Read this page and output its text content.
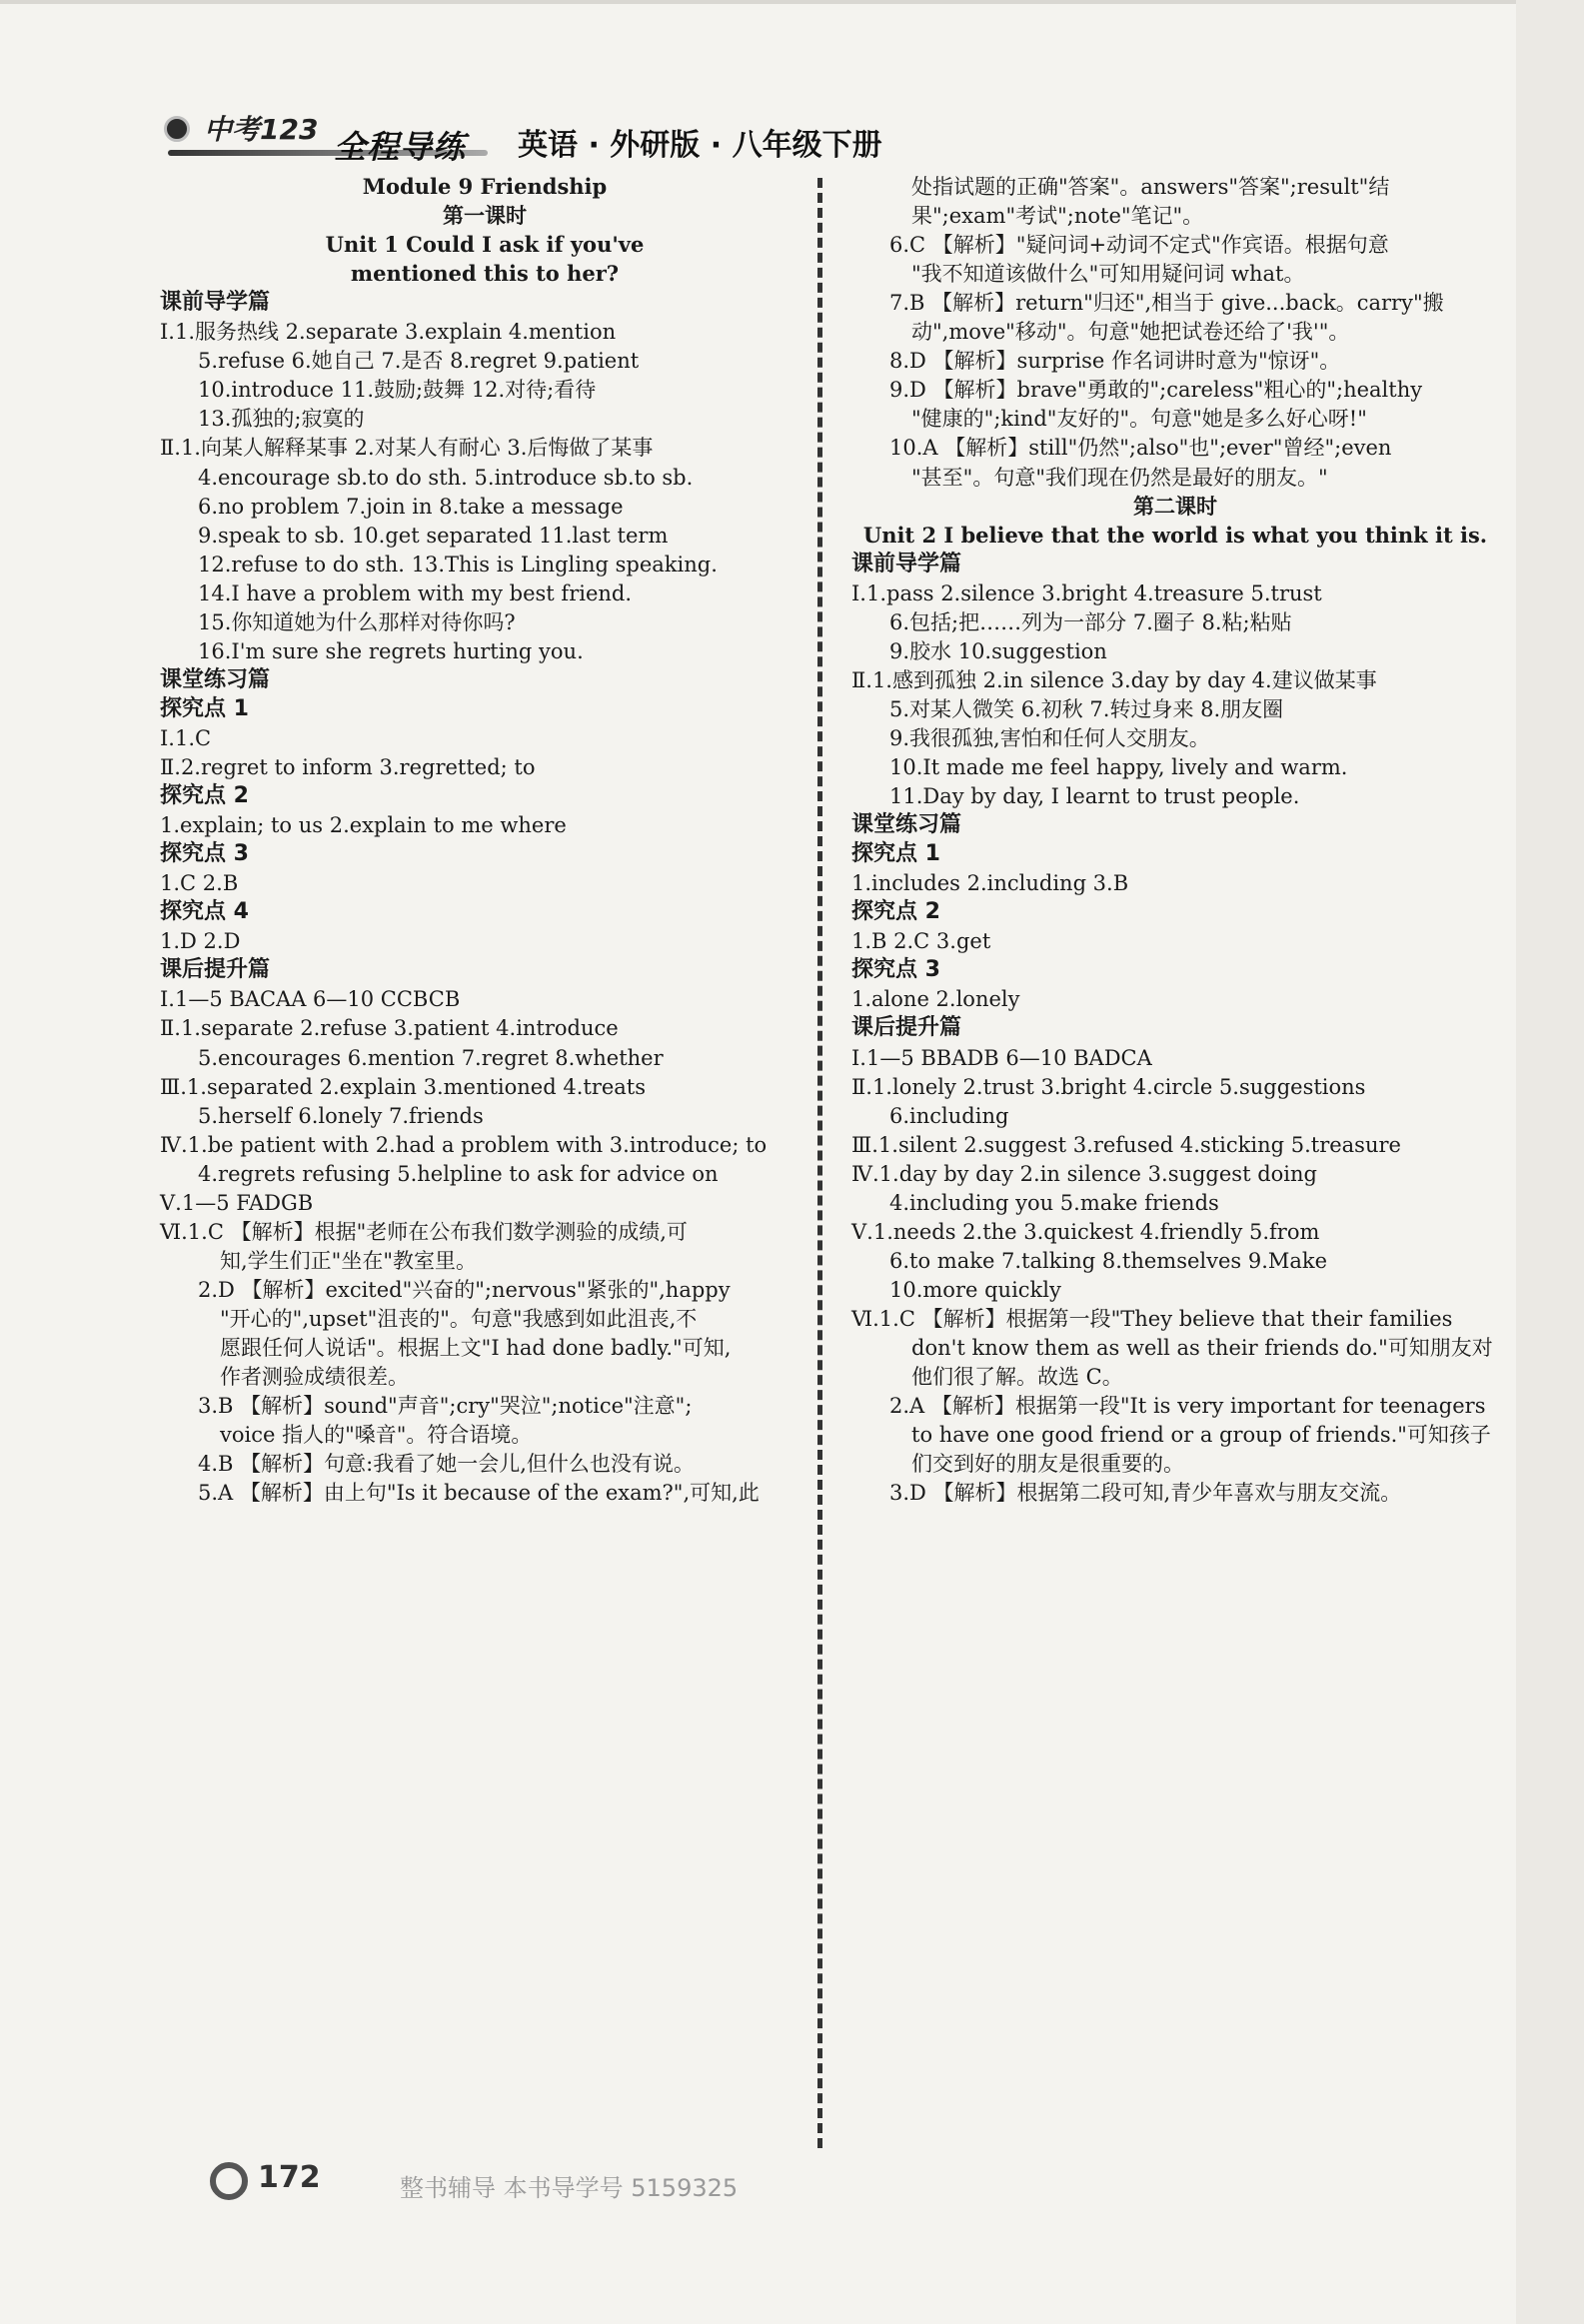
中考123 全程导练 英语 · 外研版 · 八年级下册
Module 9 Friendship
第一课时
Unit 1 Could I ask if you've
mentioned this to her?
课前导学篇
Ⅰ.1.服务热线 2.separate 3.explain 4.mention
5.refuse 6.她自己 7.是否 8.regret 9.patient
10.introduce 11.鼓励;鼓舞 12.对待;看待
13.孤独的;寂寞的
Ⅱ.1.向某人解释某事 2.对某人有耐心 3.后悔做了某事
4.encourage sb.to do sth. 5.introduce sb.to sb.
6.no problem 7.join in 8.take a message
9.speak to sb. 10.get separated 11.last term
12.refuse to do sth. 13.This is Lingling speaking.
14.I have a problem with my best friend.
15.你知道她为什么那样对待你吗?
16.I'm sure she regrets hurting you.
课堂练习篇
探究点 1
Ⅰ.1.C
Ⅱ.2.regret to inform 3.regretted; to
探究点 2
1.explain; to us 2.explain to me where
探究点 3
1.C 2.B
探究点 4
1.D 2.D
课后提升篇
Ⅰ.1—5 BACAA 6—10 CCBCB
Ⅱ.1.separate 2.refuse 3.patient 4.introduce
5.encourages 6.mention 7.regret 8.whether
Ⅲ.1.separated 2.explain 3.mentioned 4.treats
5.herself 6.lonely 7.friends
Ⅳ.1.be patient with 2.had a problem with 3.introduce; to
4.regrets refusing 5.helpline to ask for advice on
Ⅴ.1—5 FADGB
Ⅵ.1.C 【解析】根据"老师在公布我们数学测验的成绩,可
知,学生们正"坐在"教室里。
2.D 【解析】excited"兴奋的";nervous"紧张的",happy
"开心的",upset"沮丧的"。句意"我感到如此沮丧,不
愿跟任何人说话"。根据上文"I had done badly."可知,
作者测验成绩很差。
3.B 【解析】sound"声音";cry"哭泣";notice"注意";
voice 指人的"嗓音"。符合语境。
4.B 【解析】句意:我看了她一会儿,但什么也没有说。
5.A 【解析】由上句"Is it because of the exam?",可知,此
处指试题的正确"答案"。answers"答案";result"结
果";exam"考试";note"笔记"。
6.C 【解析】"疑问词+动词不定式"作宾语。根据句意
"我不知道该做什么"可知用疑问词 what。
7.B 【解析】return"归还",相当于 give...back。carry"搬
动",move"移动"。句意"她把试卷还给了'我'"。
8.D 【解析】surprise 作名词讲时意为"惊讶"。
9.D 【解析】brave"勇敢的";careless"粗心的";healthy
"健康的";kind"友好的"。句意"她是多么好心呀!"
10.A 【解析】still"仍然";also"也";ever"曾经";even
"甚至"。句意"我们现在仍然是最好的朋友。"
第二课时
Unit 2 I believe that the world is what you think it is.
课前导学篇
Ⅰ.1.pass 2.silence 3.bright 4.treasure 5.trust
6.包括;把……列为一部分 7.圈子 8.粘;粘贴
9.胶水 10.suggestion
Ⅱ.1.感到孤独 2.in silence 3.day by day 4.建议做某事
5.对某人微笑 6.初秋 7.转过身来 8.朋友圈
9.我很孤独,害怕和任何人交朋友。
10.It made me feel happy, lively and warm.
11.Day by day, I learnt to trust people.
课堂练习篇
探究点 1
1.includes 2.including 3.B
探究点 2
1.B 2.C 3.get
探究点 3
1.alone 2.lonely
课后提升篇
Ⅰ.1—5 BBADB 6—10 BADCA
Ⅱ.1.lonely 2.trust 3.bright 4.circle 5.suggestions
6.including
Ⅲ.1.silent 2.suggest 3.refused 4.sticking 5.treasure
Ⅳ.1.day by day 2.in silence 3.suggest doing
4.including you 5.make friends
Ⅴ.1.needs 2.the 3.quickest 4.friendly 5.from
6.to make 7.talking 8.themselves 9.Make
10.more quickly
Ⅵ.1.C 【解析】根据第一段"They believe that their families
don't know them as well as their friends do."可知朋友对
他们很了解。故选 C。
2.A 【解析】根据第一段"It is very important for teenagers
to have one good friend or a group of friends."可知孩子
们交到好的朋友是很重要的。
3.D 【解析】根据第二段可知,青少年喜欢与朋友交流。
172	整书辅导 本书导学号 5159325
